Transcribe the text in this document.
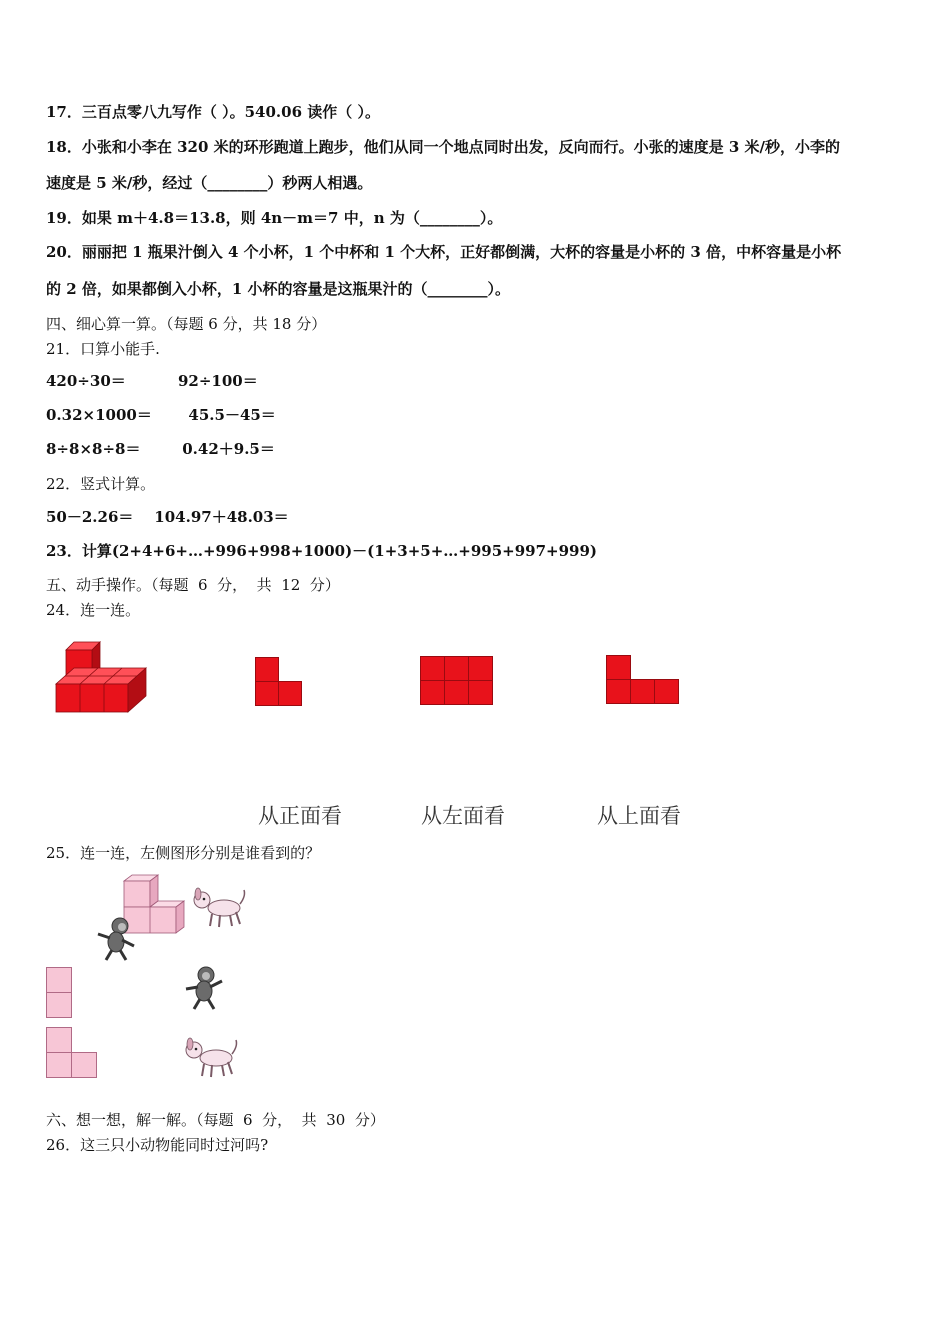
17．三百点零八九写作（ ）。540.06 读作（ ）。
18．小张和小李在 320 米的环形跑道上跑步，他们从同一个地点同时出发，反向而行。小张的速度是 3 米/秒，小李的
速度是 5 米/秒，经过（________）秒两人相遇。
19．如果 m＋4.8＝13.8，则 4n－m＝7 中，n 为（________）。
20．丽丽把 1 瓶果汁倒入 4 个小杯，1 个中杯和 1 个大杯，正好都倒满，大杯的容量是小杯的 3 倍，中杯容量是小杯
的 2 倍，如果都倒入小杯，1 小杯的容量是这瓶果汁的（________）。
四、细心算一算。（每题 6 分，共 18 分）
21．口算小能手.
420÷30＝          92÷100＝
0.32×1000＝       45.5－45＝
8÷8×8÷8＝        0.42＋9.5＝
22．竖式计算。
50－2.26＝    104.97＋48.03＝
23．计算(2+4+6+…+996+998+1000)－(1+3+5+…+995+997+999)
五、动手操作。（每题  6  分，  共  12  分）
24．连一连。
从正面看	从左面看	从上面看
25．连一连，左侧图形分别是谁看到的？
六、想一想，解一解。（每题  6  分，  共  30  分）
26．这三只小动物能同时过河吗?
